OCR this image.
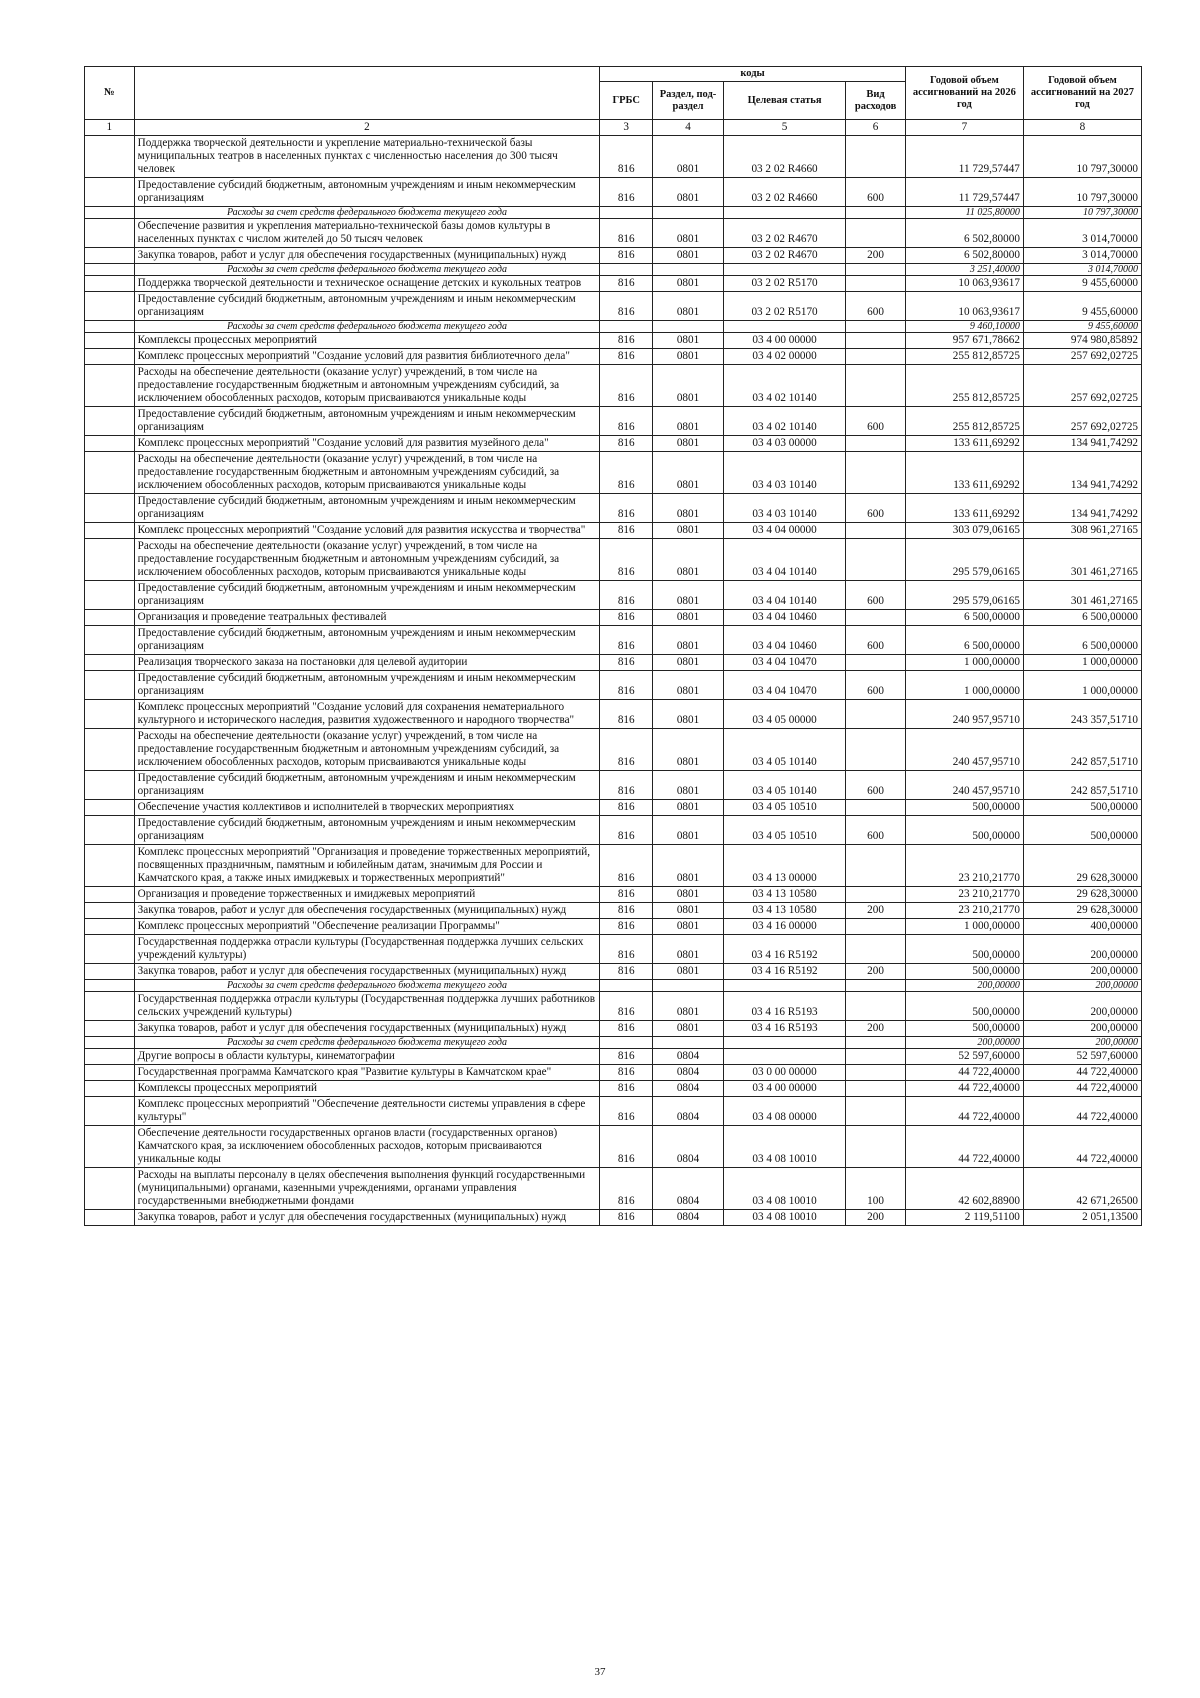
№		коды				Годовой объем ассигнований на 2026 год	Годовой объем ассигнований на 2027 год
		ГРБС	Раздел, под-раздел	Целевая статья	Вид расходов		
1	2	3	4	5	6	7	8
	Поддержка творческой деятельности и укрепление материально-технической базы муниципальных театров в населенных пунктах с численностью населения до 300 тысяч человек	816	0801	03 2 02 R4660		11 729,57447	10 797,30000
	Предоставление субсидий бюджетным, автономным учреждениям и иным некоммерческим организациям	816	0801	03 2 02 R4660	600	11 729,57447	10 797,30000
	Расходы за счет средств федерального бюджета текущего года					11 025,80000	10 797,30000
	Обеспечение развития и укрепления материально-технической базы домов культуры в населенных пунктах с числом жителей до 50 тысяч человек	816	0801	03 2 02 R4670		6 502,80000	3 014,70000
	Закупка товаров, работ и услуг для обеспечения государственных (муниципальных) нужд	816	0801	03 2 02 R4670	200	6 502,80000	3 014,70000
	Расходы за счет средств федерального бюджета текущего года					3 251,40000	3 014,70000
	Поддержка творческой деятельности и техническое оснащение детских и кукольных театров	816	0801	03 2 02 R5170		10 063,93617	9 455,60000
	Предоставление субсидий бюджетным, автономным учреждениям и иным некоммерческим организациям	816	0801	03 2 02 R5170	600	10 063,93617	9 455,60000
	Расходы за счет средств федерального бюджета текущего года					9 460,10000	9 455,60000
	Комплексы процессных мероприятий	816	0801	03 4 00 00000		957 671,78662	974 980,85892
	Комплекс процессных мероприятий "Создание условий для развития библиотечного дела"	816	0801	03 4 02 00000		255 812,85725	257 692,02725
	Расходы на обеспечение деятельности (оказание услуг) учреждений, в том числе на предоставление государственным бюджетным и автономным учреждениям субсидий, за исключением обособленных расходов, которым присваиваются уникальные коды	816	0801	03 4 02 10140		255 812,85725	257 692,02725
	Предоставление субсидий бюджетным, автономным учреждениям и иным некоммерческим организациям	816	0801	03 4 02 10140	600	255 812,85725	257 692,02725
	Комплекс процессных мероприятий "Создание условий для развития музейного дела"	816	0801	03 4 03 00000		133 611,69292	134 941,74292
	Расходы на обеспечение деятельности (оказание услуг) учреждений, в том числе на предоставление государственным бюджетным и автономным учреждениям субсидий, за исключением обособленных расходов, которым присваиваются уникальные коды	816	0801	03 4 03 10140		133 611,69292	134 941,74292
	Предоставление субсидий бюджетным, автономным учреждениям и иным некоммерческим организациям	816	0801	03 4 03 10140	600	133 611,69292	134 941,74292
	Комплекс процессных мероприятий "Создание условий для развития искусства и творчества"	816	0801	03 4 04 00000		303 079,06165	308 961,27165
	Расходы на обеспечение деятельности (оказание услуг) учреждений, в том числе на предоставление государственным бюджетным и автономным учреждениям субсидий, за исключением обособленных расходов, которым присваиваются уникальные коды	816	0801	03 4 04 10140		295 579,06165	301 461,27165
	Предоставление субсидий бюджетным, автономным учреждениям и иным некоммерческим организациям	816	0801	03 4 04 10140	600	295 579,06165	301 461,27165
	Организация и проведение театральных фестивалей	816	0801	03 4 04 10460		6 500,00000	6 500,00000
	Предоставление субсидий бюджетным, автономным учреждениям и иным некоммерческим организациям	816	0801	03 4 04 10460	600	6 500,00000	6 500,00000
	Реализация творческого заказа на постановки для целевой аудитории	816	0801	03 4 04 10470		1 000,00000	1 000,00000
	Предоставление субсидий бюджетным, автономным учреждениям и иным некоммерческим организациям	816	0801	03 4 04 10470	600	1 000,00000	1 000,00000
	Комплекс процессных мероприятий "Создание условий для сохранения нематериального культурного и исторического наследия, развития художественного и народного творчества"	816	0801	03 4 05 00000		240 957,95710	243 357,51710
	Расходы на обеспечение деятельности (оказание услуг) учреждений, в том числе на предоставление государственным бюджетным и автономным учреждениям субсидий, за исключением обособленных расходов, которым присваиваются уникальные коды	816	0801	03 4 05 10140		240 457,95710	242 857,51710
	Предоставление субсидий бюджетным, автономным учреждениям и иным некоммерческим организациям	816	0801	03 4 05 10140	600	240 457,95710	242 857,51710
	Обеспечение участия коллективов и исполнителей в творческих мероприятиях	816	0801	03 4 05 10510		500,00000	500,00000
	Предоставление субсидий бюджетным, автономным учреждениям и иным некоммерческим организациям	816	0801	03 4 05 10510	600	500,00000	500,00000
	Комплекс процессных мероприятий "Организация и проведение торжественных мероприятий, посвященных праздничным, памятным и юбилейным датам, значимым для России и Камчатского края, а также иных имиджевых и торжественных мероприятий"	816	0801	03 4 13 00000		23 210,21770	29 628,30000
	Организация и проведение торжественных и имиджевых мероприятий	816	0801	03 4 13 10580		23 210,21770	29 628,30000
	Закупка товаров, работ и услуг для обеспечения государственных (муниципальных) нужд	816	0801	03 4 13 10580	200	23 210,21770	29 628,30000
	Комплекс процессных мероприятий "Обеспечение реализации Программы"	816	0801	03 4 16 00000		1 000,00000	400,00000
	Государственная поддержка отрасли культуры (Государственная поддержка лучших сельских учреждений культуры)	816	0801	03 4 16 R5192		500,00000	200,00000
	Закупка товаров, работ и услуг для обеспечения государственных (муниципальных) нужд	816	0801	03 4 16 R5192	200	500,00000	200,00000
	Расходы за счет средств федерального бюджета текущего года					200,00000	200,00000
	Государственная поддержка отрасли культуры (Государственная поддержка лучших работников сельских учреждений культуры)	816	0801	03 4 16 R5193		500,00000	200,00000
	Закупка товаров, работ и услуг для обеспечения государственных (муниципальных) нужд	816	0801	03 4 16 R5193	200	500,00000	200,00000
	Расходы за счет средств федерального бюджета текущего года					200,00000	200,00000
	Другие вопросы в области культуры, кинематографии	816	0804			52 597,60000	52 597,60000
	Государственная программа Камчатского края "Развитие культуры в Камчатском крае"	816	0804	03 0 00 00000		44 722,40000	44 722,40000
	Комплексы процессных мероприятий	816	0804	03 4 00 00000		44 722,40000	44 722,40000
	Комплекс процессных мероприятий "Обеспечение деятельности системы управления в сфере культуры"	816	0804	03 4 08 00000		44 722,40000	44 722,40000
	Обеспечение деятельности государственных органов власти (государственных органов) Камчатского края, за исключением обособленных расходов, которым присваиваются уникальные коды	816	0804	03 4 08 10010		44 722,40000	44 722,40000
	Расходы на выплаты персоналу в целях обеспечения выполнения функций государственными (муниципальными) органами, казенными учреждениями, органами управления государственными внебюджетными фондами	816	0804	03 4 08 10010	100	42 602,88900	42 671,26500
	Закупка товаров, работ и услуг для обеспечения государственных (муниципальных) нужд	816	0804	03 4 08 10010	200	2 119,51100	2 051,13500
37
